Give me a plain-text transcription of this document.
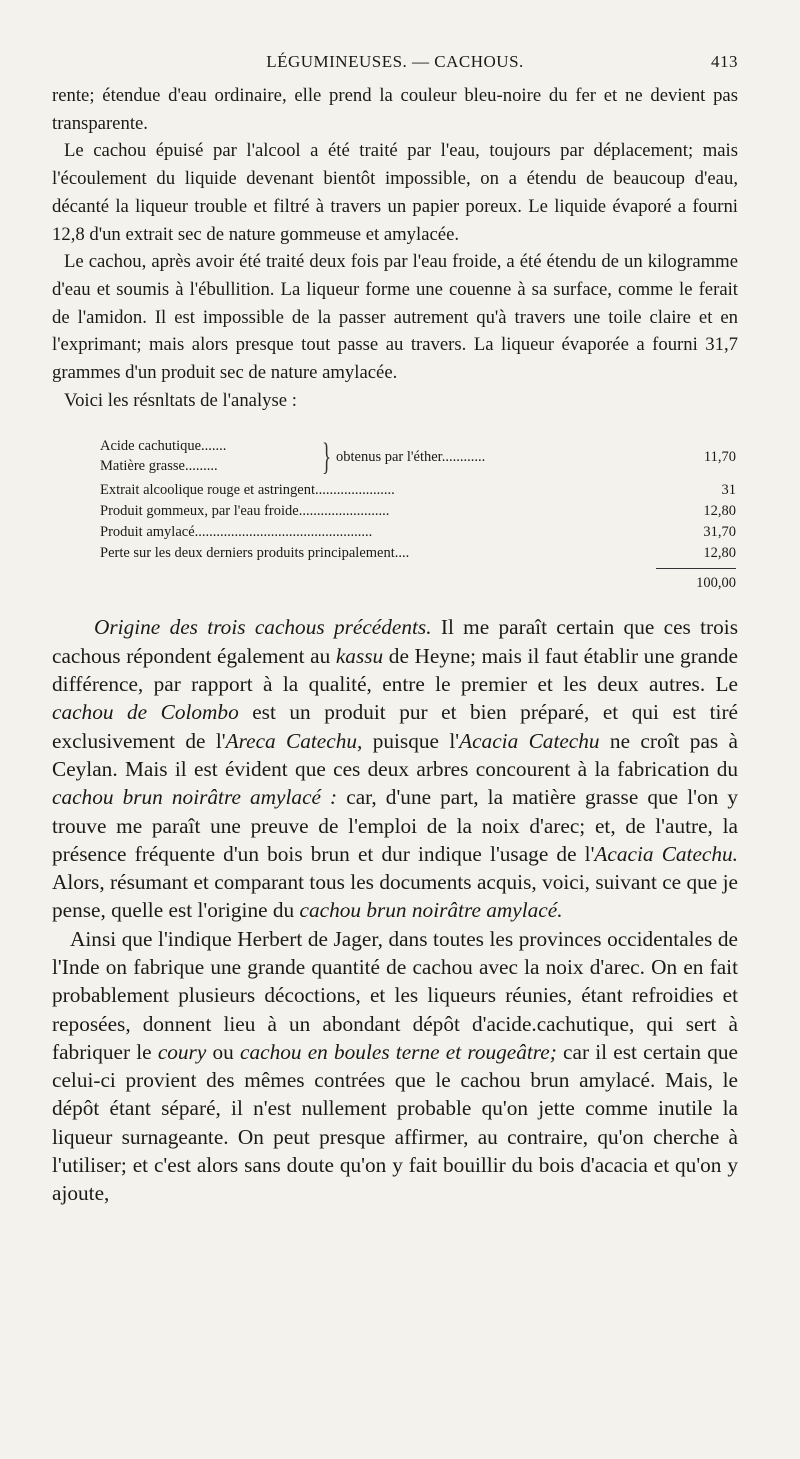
LÉGUMINEUSES. — CACHOUS.	413

rente; étendue d'eau ordinaire, elle prend la couleur bleu-noire du fer et ne devient pas transparente.

Le cachou épuisé par l'alcool a été traité par l'eau, toujours par déplacement; mais l'écoulement du liquide devenant bientôt impossible, on a étendu de beaucoup d'eau, décanté la liqueur trouble et filtré à travers un papier poreux. Le liquide évaporé a fourni 12,8 d'un extrait sec de nature gommeuse et amylacée.

Le cachou, après avoir été traité deux fois par l'eau froide, a été étendu de un kilogramme d'eau et soumis à l'ébullition. La liqueur forme une couenne à sa surface, comme le ferait de l'amidon. Il est impossible de la passer autrement qu'à travers une toile claire et en l'exprimant; mais alors presque tout passe au travers. La liqueur évaporée a fourni 31,7 grammes d'un produit sec de nature amylacée.

Voici les résnltats de l'analyse :

Acide cachutique.......
Matière grasse.........	} obtenus par l'éther............	11,70
Extrait alcoolique rouge et astringent......................	31
Produit gommeux, par l'eau froide.........................	12,80
Produit amylacé.................................................	31,70
Perte sur les deux derniers produits principalement....	12,80
100,00

Origine des trois cachous précédents. Il me paraît certain que ces trois cachous répondent également au kassu de Heyne; mais il faut établir une grande différence, par rapport à la qualité, entre le premier et les deux autres. Le cachou de Colombo est un produit pur et bien préparé, et qui est tiré exclusivement de l'Areca Catechu, puisque l'Acacia Catechu ne croît pas à Ceylan. Mais il est évident que ces deux arbres concourent à la fabrication du cachou brun noirâtre amylacé : car, d'une part, la matière grasse que l'on y trouve me paraît une preuve de l'emploi de la noix d'arec; et, de l'autre, la présence fréquente d'un bois brun et dur indique l'usage de l'Acacia Catechu. Alors, résumant et comparant tous les documents acquis, voici, suivant ce que je pense, quelle est l'origine du cachou brun noirâtre amylacé.

Ainsi que l'indique Herbert de Jager, dans toutes les provinces occidentales de l'Inde on fabrique une grande quantité de cachou avec la noix d'arec. On en fait probablement plusieurs décoctions, et les liqueurs réunies, étant refroidies et reposées, donnent lieu à un abondant dépôt d'acide.cachutique, qui sert à fabriquer le coury ou cachou en boules terne et rougeâtre; car il est certain que celui-ci provient des mêmes contrées que le cachou brun amylacé. Mais, le dépôt étant séparé, il n'est nullement probable qu'on jette comme inutile la liqueur surnageante. On peut presque affirmer, au contraire, qu'on cherche à l'utiliser; et c'est alors sans doute qu'on y fait bouillir du bois d'acacia et qu'on y ajoute,
